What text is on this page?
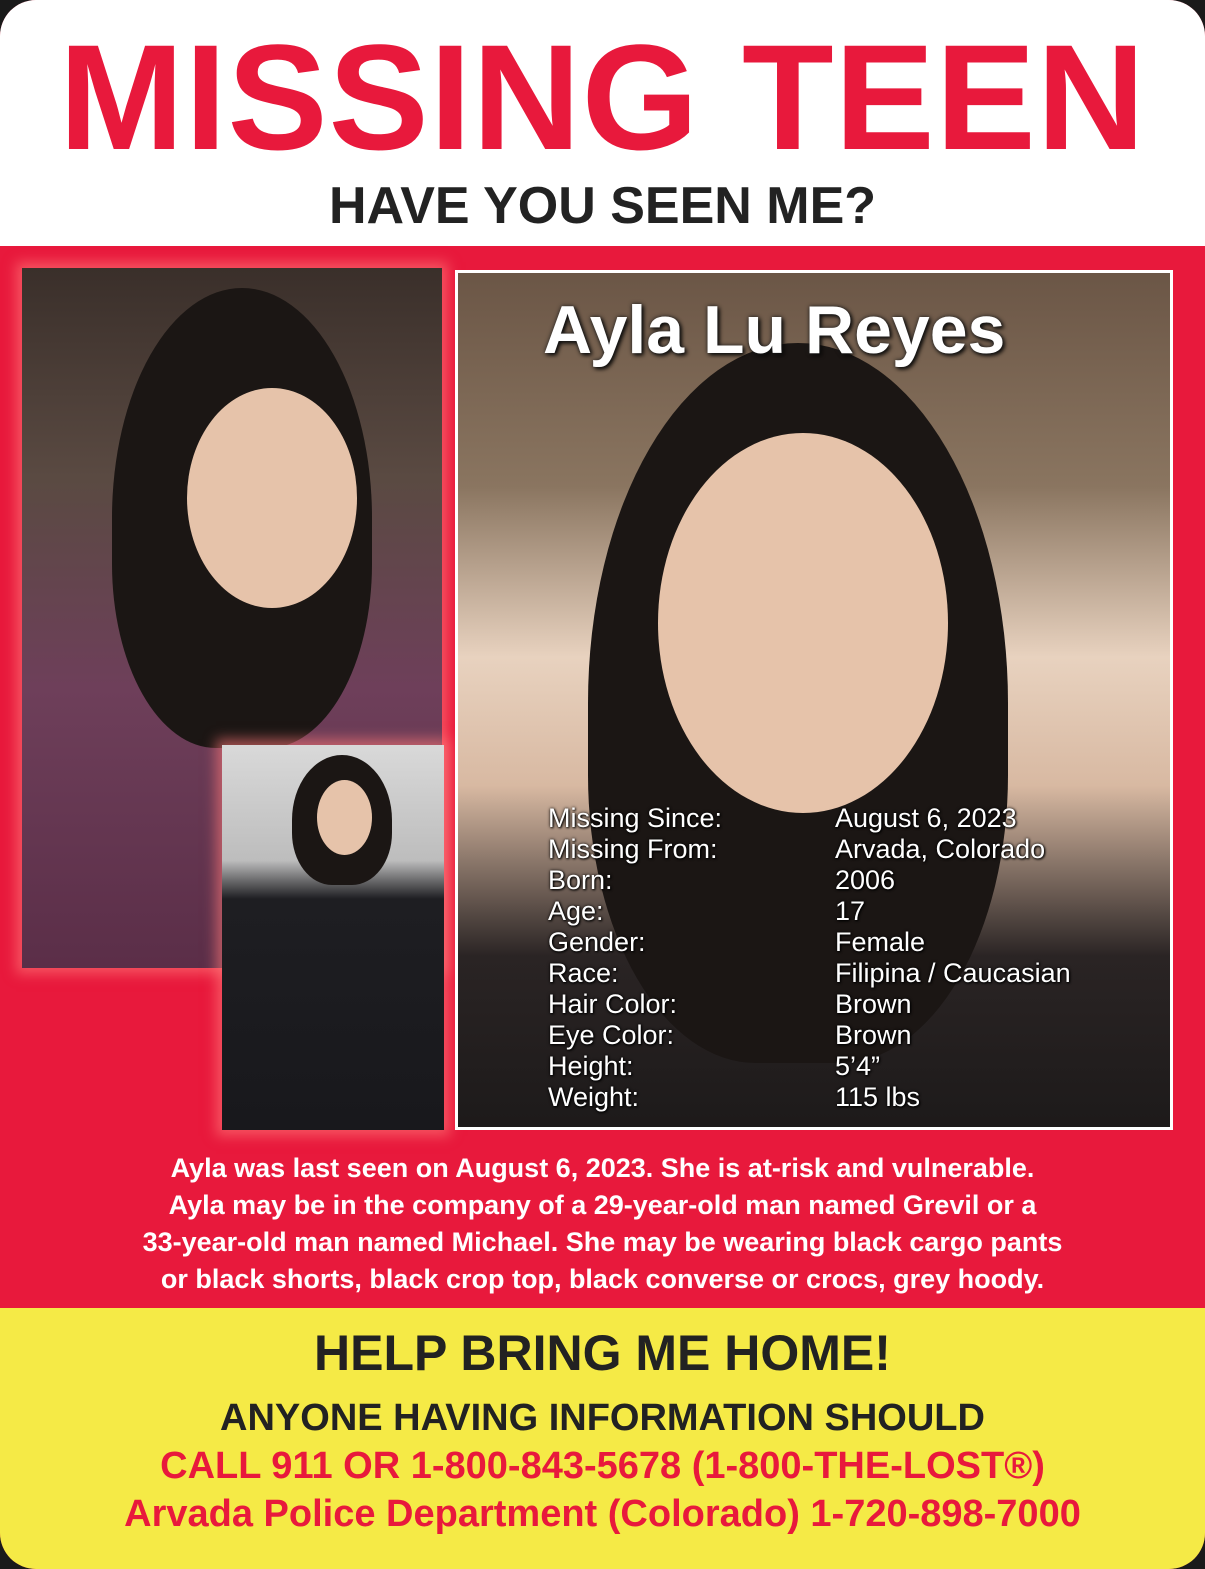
MISSING TEEN
HAVE YOU SEEN ME?
Ayla Lu Reyes
Missing Since:	August 6, 2023
Missing From:	Arvada, Colorado
Born:	2006
Age:	17
Gender:	Female
Race:	Filipina / Caucasian
Hair Color:	Brown
Eye Color:	Brown
Height:	5’4”
Weight:	115 lbs
Ayla was last seen on August 6, 2023. She is at-risk and vulnerable.
Ayla may be in the company of a 29-year-old man named Grevil or a
33-year-old man named Michael. She may be wearing black cargo pants
or black shorts, black crop top, black converse or crocs, grey hoody.
HELP BRING ME HOME!
ANYONE HAVING INFORMATION SHOULD
CALL 911 OR 1-800-843-5678 (1-800-THE-LOST®)
Arvada Police Department (Colorado) 1-720-898-7000
